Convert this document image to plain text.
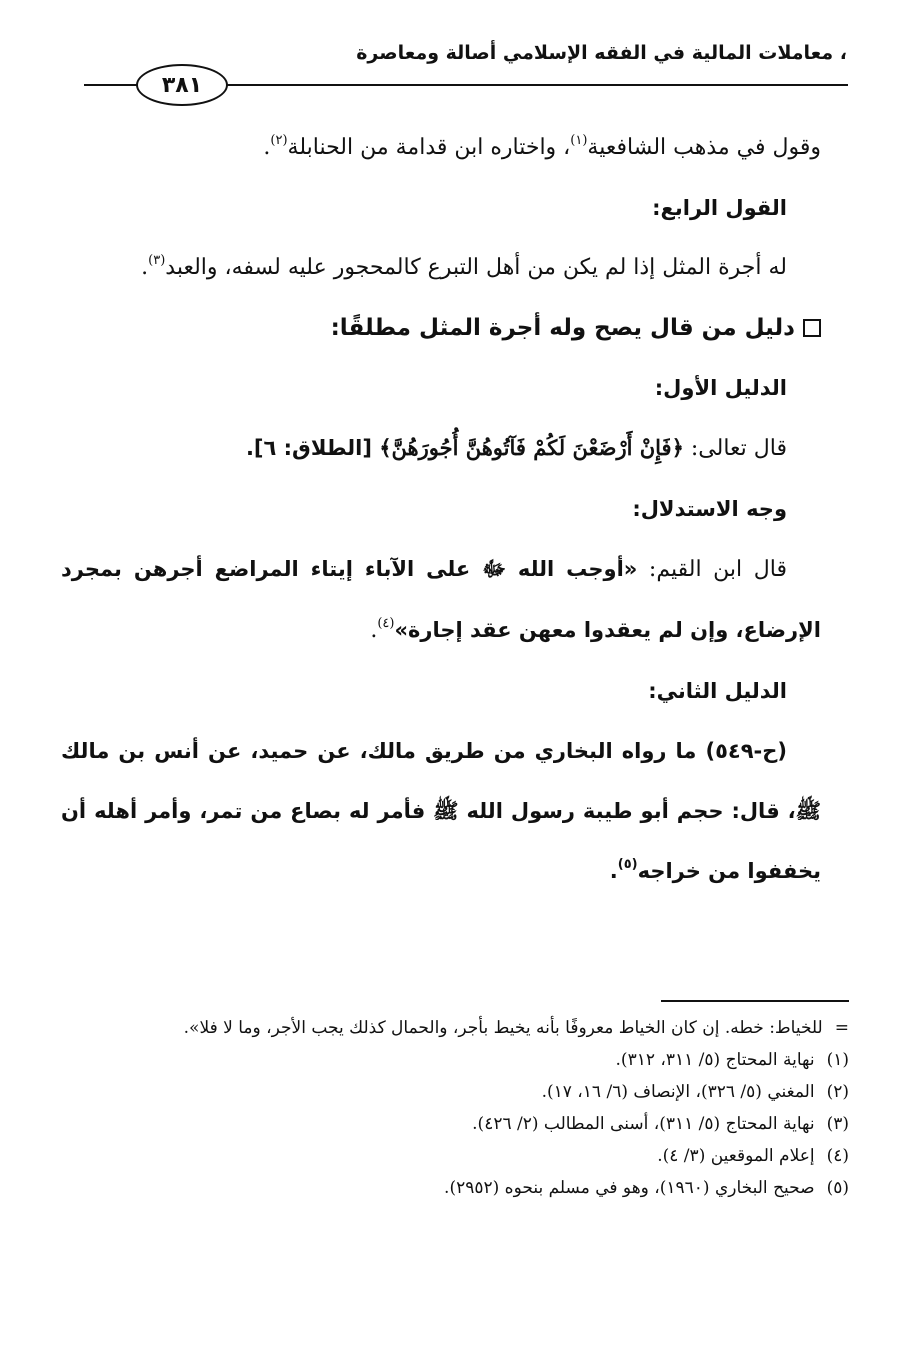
، معاملات المالية في الفقه الإسلامي أصالة ومعاصرة
٣٨١

وقول في مذهب الشافعية$^{(١)}$، واختاره ابن قدامة من الحنابلة$^{(٢)}$.

القول الرابع:

له أجرة المثل إذا لم يكن من أهل التبرع كالمحجور عليه لسفه، والعبد$^{(٣)}$.

دليل من قال يصح وله أجرة المثل مطلقًا:

الدليل الأول:

قال تعالى: ﴿فَإِنْ أَرْضَعْنَ لَكُمْ فَآتُوهُنَّ أُجُورَهُنَّ﴾ [الطلاق: ٦].

وجه الاستدلال:

قال ابن القيم: «أوجب الله ﷻ على الآباء إيتاء المراضع أجرهن بمجرد الإرضاع، وإن لم يعقدوا معهن عقد إجارة»$^{(٤)}$.

الدليل الثاني:

(ح-٥٤٩) ما رواه البخاري من طريق مالك، عن حميد، عن أنس بن مالك ﷺ، قال: حجم أبو طيبة رسول الله ﷺ فأمر له بصاع من تمر، وأمر أهله أن يخففوا من خراجه$^{(٥)}$.

=
للخياط: خطه. إن كان الخياط معروفًا بأنه يخيط بأجر، والحمال كذلك يجب الأجر، وما لا فلا».
(١)
نهاية المحتاج (٥/ ٣١١، ٣١٢).
(٢)
المغني (٥/ ٣٢٦)، الإنصاف (٦/ ١٦، ١٧).
(٣)
نهاية المحتاج (٥/ ٣١١)، أسنى المطالب (٢/ ٤٢٦).
(٤)
إعلام الموقعين (٣/ ٤).
(٥)
صحيح البخاري (١٩٦٠)، وهو في مسلم بنحوه (٢٩٥٢).
